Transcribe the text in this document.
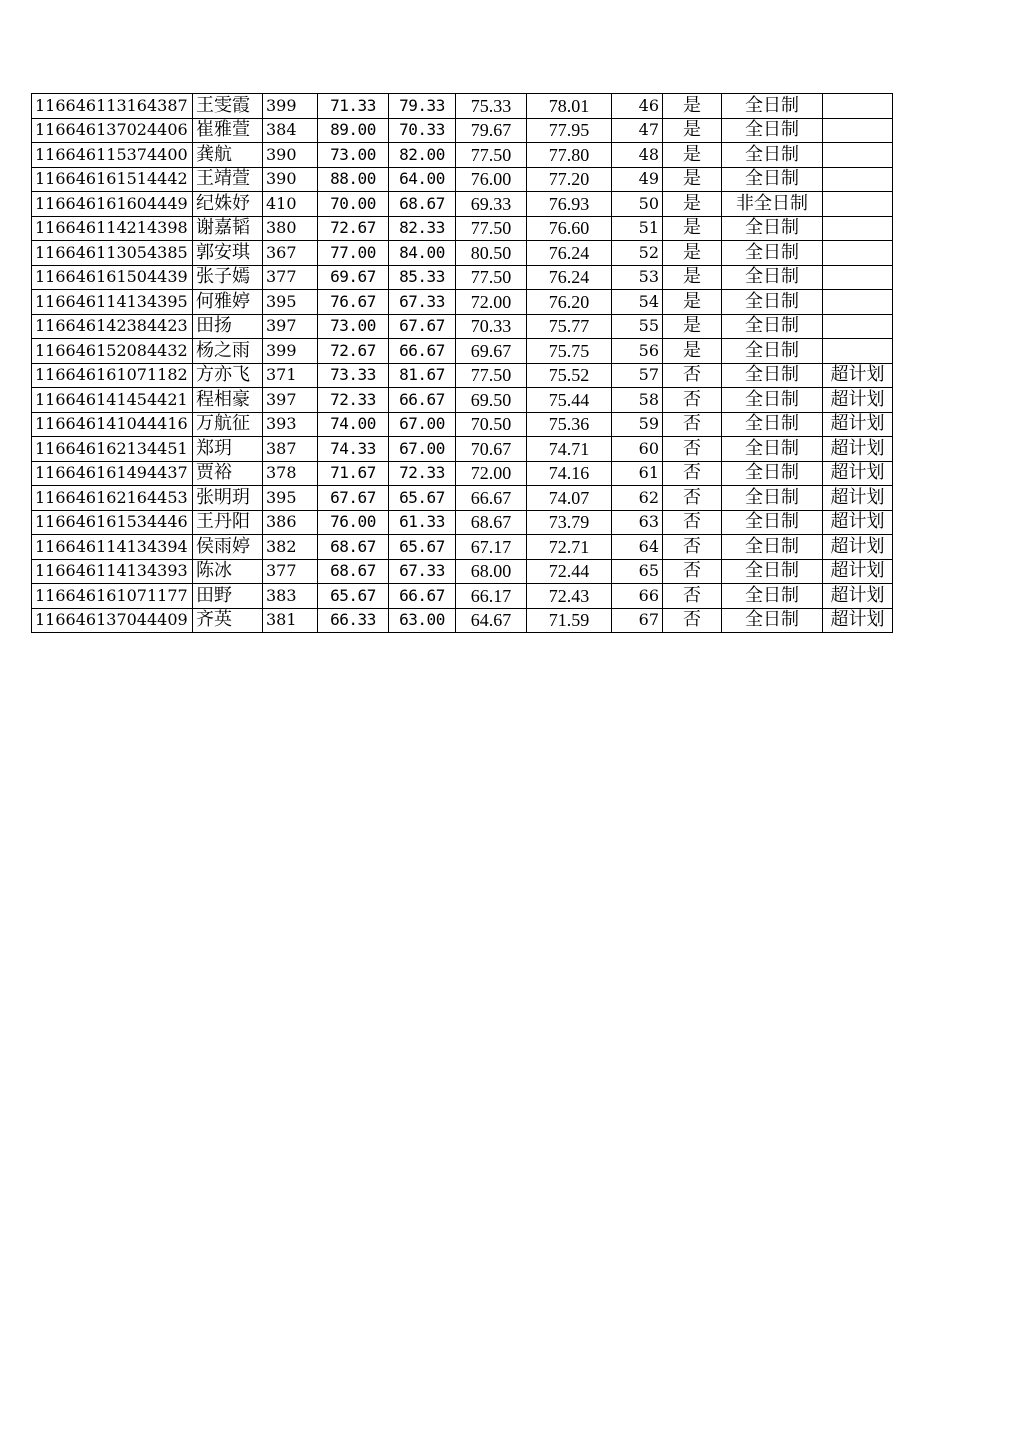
116646113164387	王雯霞	399	71.33	79.33	75.33	78.01	46	是	全日制	
116646137024406	崔雅萱	384	89.00	70.33	79.67	77.95	47	是	全日制	
116646115374400	龚航	390	73.00	82.00	77.50	77.80	48	是	全日制	
116646161514442	王靖萱	390	88.00	64.00	76.00	77.20	49	是	全日制	
116646161604449	纪姝妤	410	70.00	68.67	69.33	76.93	50	是	非全日制	
116646114214398	谢嘉韬	380	72.67	82.33	77.50	76.60	51	是	全日制	
116646113054385	郭安琪	367	77.00	84.00	80.50	76.24	52	是	全日制	
116646161504439	张子嫣	377	69.67	85.33	77.50	76.24	53	是	全日制	
116646114134395	何雅婷	395	76.67	67.33	72.00	76.20	54	是	全日制	
116646142384423	田扬	397	73.00	67.67	70.33	75.77	55	是	全日制	
116646152084432	杨之雨	399	72.67	66.67	69.67	75.75	56	是	全日制	
116646161071182	方亦飞	371	73.33	81.67	77.50	75.52	57	否	全日制	超计划
116646141454421	程相豪	397	72.33	66.67	69.50	75.44	58	否	全日制	超计划
116646141044416	万航征	393	74.00	67.00	70.50	75.36	59	否	全日制	超计划
116646162134451	郑玥	387	74.33	67.00	70.67	74.71	60	否	全日制	超计划
116646161494437	贾裕	378	71.67	72.33	72.00	74.16	61	否	全日制	超计划
116646162164453	张明玥	395	67.67	65.67	66.67	74.07	62	否	全日制	超计划
116646161534446	王丹阳	386	76.00	61.33	68.67	73.79	63	否	全日制	超计划
116646114134394	侯雨婷	382	68.67	65.67	67.17	72.71	64	否	全日制	超计划
116646114134393	陈冰	377	68.67	67.33	68.00	72.44	65	否	全日制	超计划
116646161071177	田野	383	65.67	66.67	66.17	72.43	66	否	全日制	超计划
116646137044409	齐英	381	66.33	63.00	64.67	71.59	67	否	全日制	超计划
